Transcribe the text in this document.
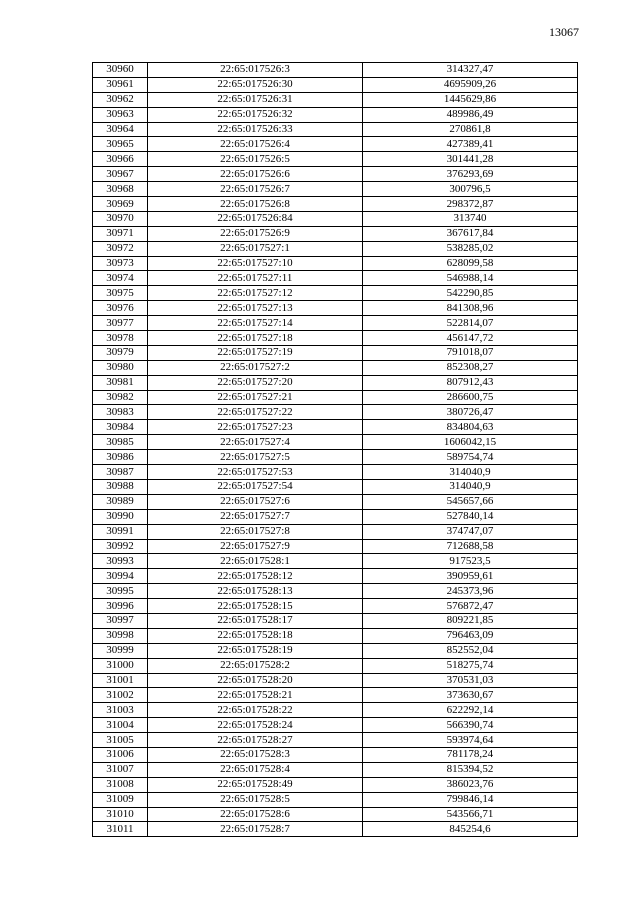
13067
30960	22:65:017526:3	314327,47
30961	22:65:017526:30	4695909,26
30962	22:65:017526:31	1445629,86
30963	22:65:017526:32	489986,49
30964	22:65:017526:33	270861,8
30965	22:65:017526:4	427389,41
30966	22:65:017526:5	301441,28
30967	22:65:017526:6	376293,69
30968	22:65:017526:7	300796,5
30969	22:65:017526:8	298372,87
30970	22:65:017526:84	313740
30971	22:65:017526:9	367617,84
30972	22:65:017527:1	538285,02
30973	22:65:017527:10	628099,58
30974	22:65:017527:11	546988,14
30975	22:65:017527:12	542290,85
30976	22:65:017527:13	841308,96
30977	22:65:017527:14	522814,07
30978	22:65:017527:18	456147,72
30979	22:65:017527:19	791018,07
30980	22:65:017527:2	852308,27
30981	22:65:017527:20	807912,43
30982	22:65:017527:21	286600,75
30983	22:65:017527:22	380726,47
30984	22:65:017527:23	834804,63
30985	22:65:017527:4	1606042,15
30986	22:65:017527:5	589754,74
30987	22:65:017527:53	314040,9
30988	22:65:017527:54	314040,9
30989	22:65:017527:6	545657,66
30990	22:65:017527:7	527840,14
30991	22:65:017527:8	374747,07
30992	22:65:017527:9	712688,58
30993	22:65:017528:1	917523,5
30994	22:65:017528:12	390959,61
30995	22:65:017528:13	245373,96
30996	22:65:017528:15	576872,47
30997	22:65:017528:17	809221,85
30998	22:65:017528:18	796463,09
30999	22:65:017528:19	852552,04
31000	22:65:017528:2	518275,74
31001	22:65:017528:20	370531,03
31002	22:65:017528:21	373630,67
31003	22:65:017528:22	622292,14
31004	22:65:017528:24	566390,74
31005	22:65:017528:27	593974,64
31006	22:65:017528:3	781178,24
31007	22:65:017528:4	815394,52
31008	22:65:017528:49	386023,76
31009	22:65:017528:5	799846,14
31010	22:65:017528:6	543566,71
31011	22:65:017528:7	845254,6
